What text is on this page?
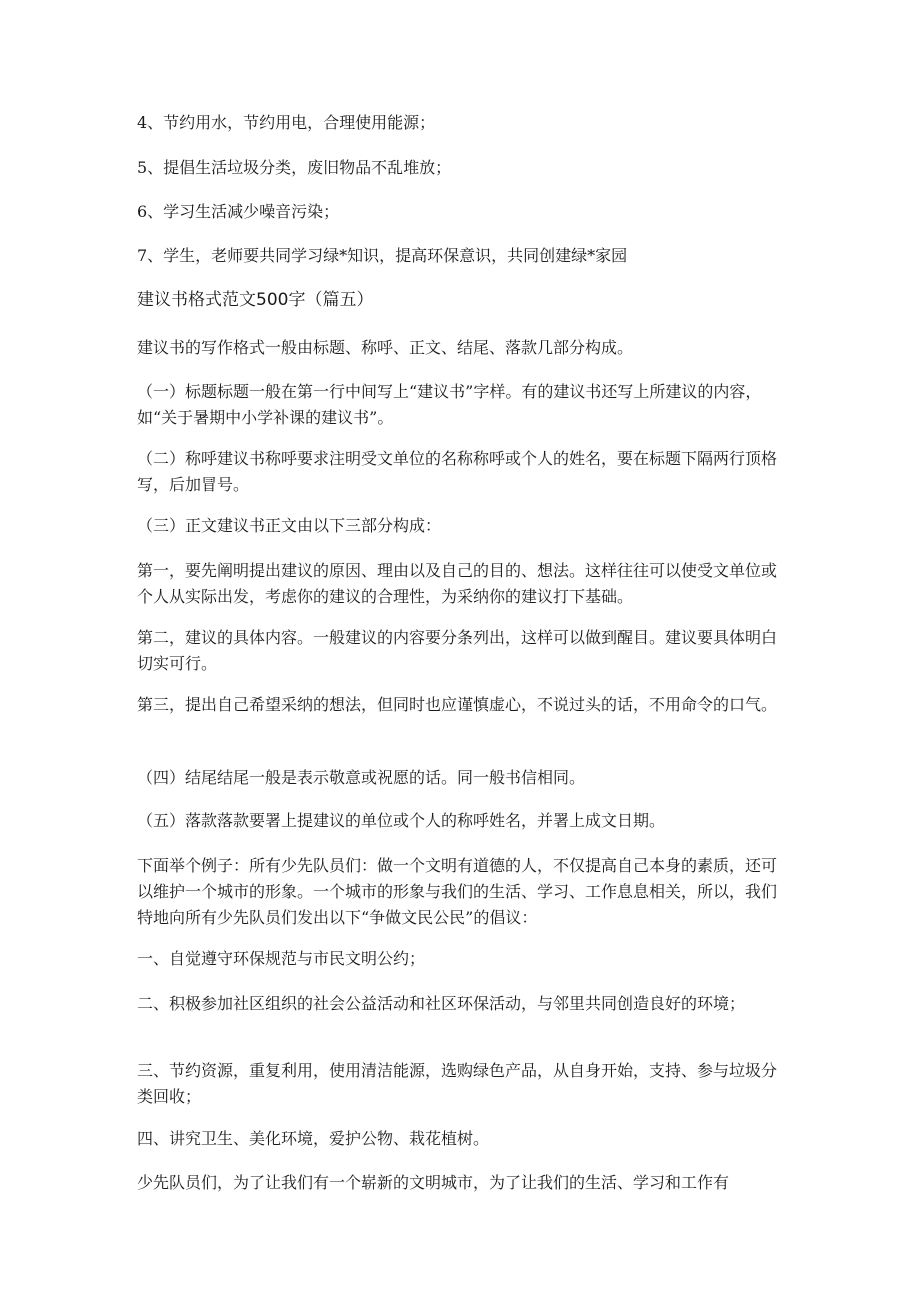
4、节约用水，节约用电，合理使用能源；

5、提倡生活垃圾分类，废旧物品不乱堆放；

6、学习生活减少噪音污染；

7、学生，老师要共同学习绿*知识，提高环保意识，共同创建绿*家园

建议书格式范文500字（篇五）

建议书的写作格式一般由标题、称呼、正文、结尾、落款几部分构成。

（一）标题标题一般在第一行中间写上“建议书”字样。有的建议书还写上所建议的内容，如“关于暑期中小学补课的建议书”。

（二）称呼建议书称呼要求注明受文单位的名称称呼或个人的姓名，要在标题下隔两行顶格写，后加冒号。

（三）正文建议书正文由以下三部分构成：

第一，要先阐明提出建议的原因、理由以及自己的目的、想法。这样往往可以使受文单位或个人从实际出发，考虑你的建议的合理性，为采纳你的建议打下基础。

第二，建议的具体内容。一般建议的内容要分条列出，这样可以做到醒目。建议要具体明白切实可行。

第三，提出自己希望采纳的想法，但同时也应谨慎虚心，不说过头的话，不用命令的口气。

（四）结尾结尾一般是表示敬意或祝愿的话。同一般书信相同。

（五）落款落款要署上提建议的单位或个人的称呼姓名，并署上成文日期。

下面举个例子：所有少先队员们：做一个文明有道德的人，不仅提高自己本身的素质，还可以维护一个城市的形象。一个城市的形象与我们的生活、学习、工作息息相关，所以，我们特地向所有少先队员们发出以下“争做文民公民”的倡议：

一、自觉遵守环保规范与市民文明公约；

二、积极参加社区组织的社会公益活动和社区环保活动，与邻里共同创造良好的环境；

三、节约资源，重复利用，使用清洁能源，选购绿色产品，从自身开始，支持、参与垃圾分类回收；

四、讲究卫生、美化环境，爱护公物、栽花植树。

少先队员们，为了让我们有一个崭新的文明城市，为了让我们的生活、学习和工作有
